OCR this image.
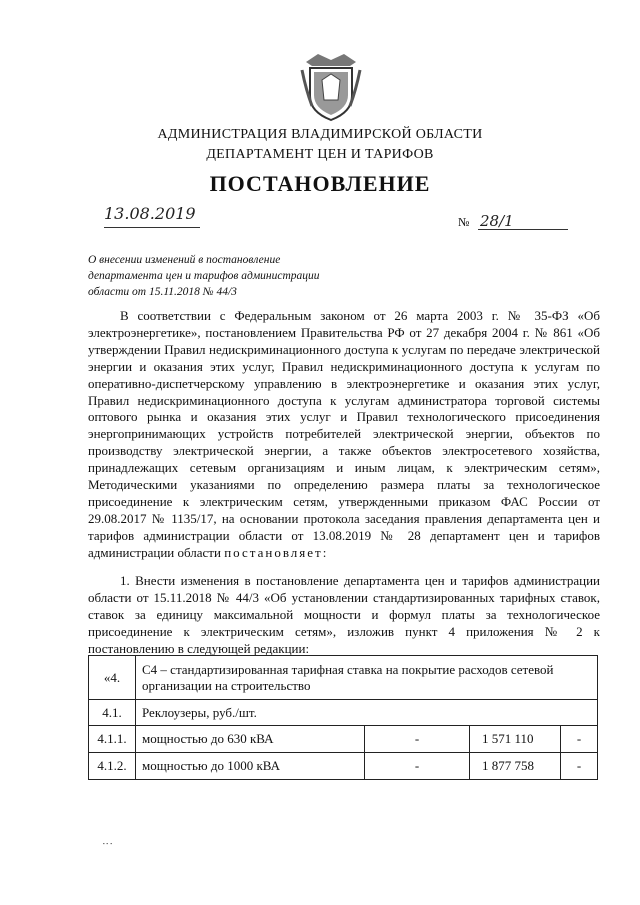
АДМИНИСТРАЦИЯ ВЛАДИМИРСКОЙ ОБЛАСТИ
ДЕПАРТАМЕНТ ЦЕН И ТАРИФОВ
ПОСТАНОВЛЕНИЕ
13.08.2019	№ 28/1
О внесении изменений в постановление
департамента цен и тарифов администрации
области от 15.11.2018 № 44/3
В соответствии с Федеральным законом от 26 марта 2003 г. № 35-ФЗ «Об электроэнергетике», постановлением Правительства РФ от 27 декабря 2004 г. № 861 «Об утверждении Правил недискриминационного доступа к услугам по передаче электрической энергии и оказания этих услуг, Правил недискриминационного доступа к услугам по оперативно-диспетчерскому управлению в электроэнергетике и оказания этих услуг, Правил недискриминационного доступа к услугам администратора торговой системы оптового рынка и оказания этих услуг и Правил технологического присоединения энергопринимающих устройств потребителей электрической энергии, объектов по производству электрической энергии, а также объектов электросетевого хозяйства, принадлежащих сетевым организациям и иным лицам, к электрическим сетям», Методическими указаниями по определению размера платы за технологическое присоединение к электрическим сетям, утвержденными приказом ФАС России от 29.08.2017 № 1135/17, на основании протокола заседания правления департамента цен и тарифов администрации области от 13.08.2019 № 28 департамент цен и тарифов администрации области постановляет:
1. Внести изменения в постановление департамента цен и тарифов администрации области от 15.11.2018 № 44/3 «Об установлении стандартизированных тарифных ставок, ставок за единицу максимальной мощности и формул платы за технологическое присоединение к электрическим сетям», изложив пункт 4 приложения № 2 к постановлению в следующей редакции:
«4.	С4 – стандартизированная тарифная ставка на покрытие расходов сетевой организации на строительство			
4.1.	Реклоузеры, руб./шт.			
4.1.1.	мощностью до 630 кВА	-	1 571 110	-
4.1.2.	мощностью до 1000 кВА	-	1 877 758	-
⋮
